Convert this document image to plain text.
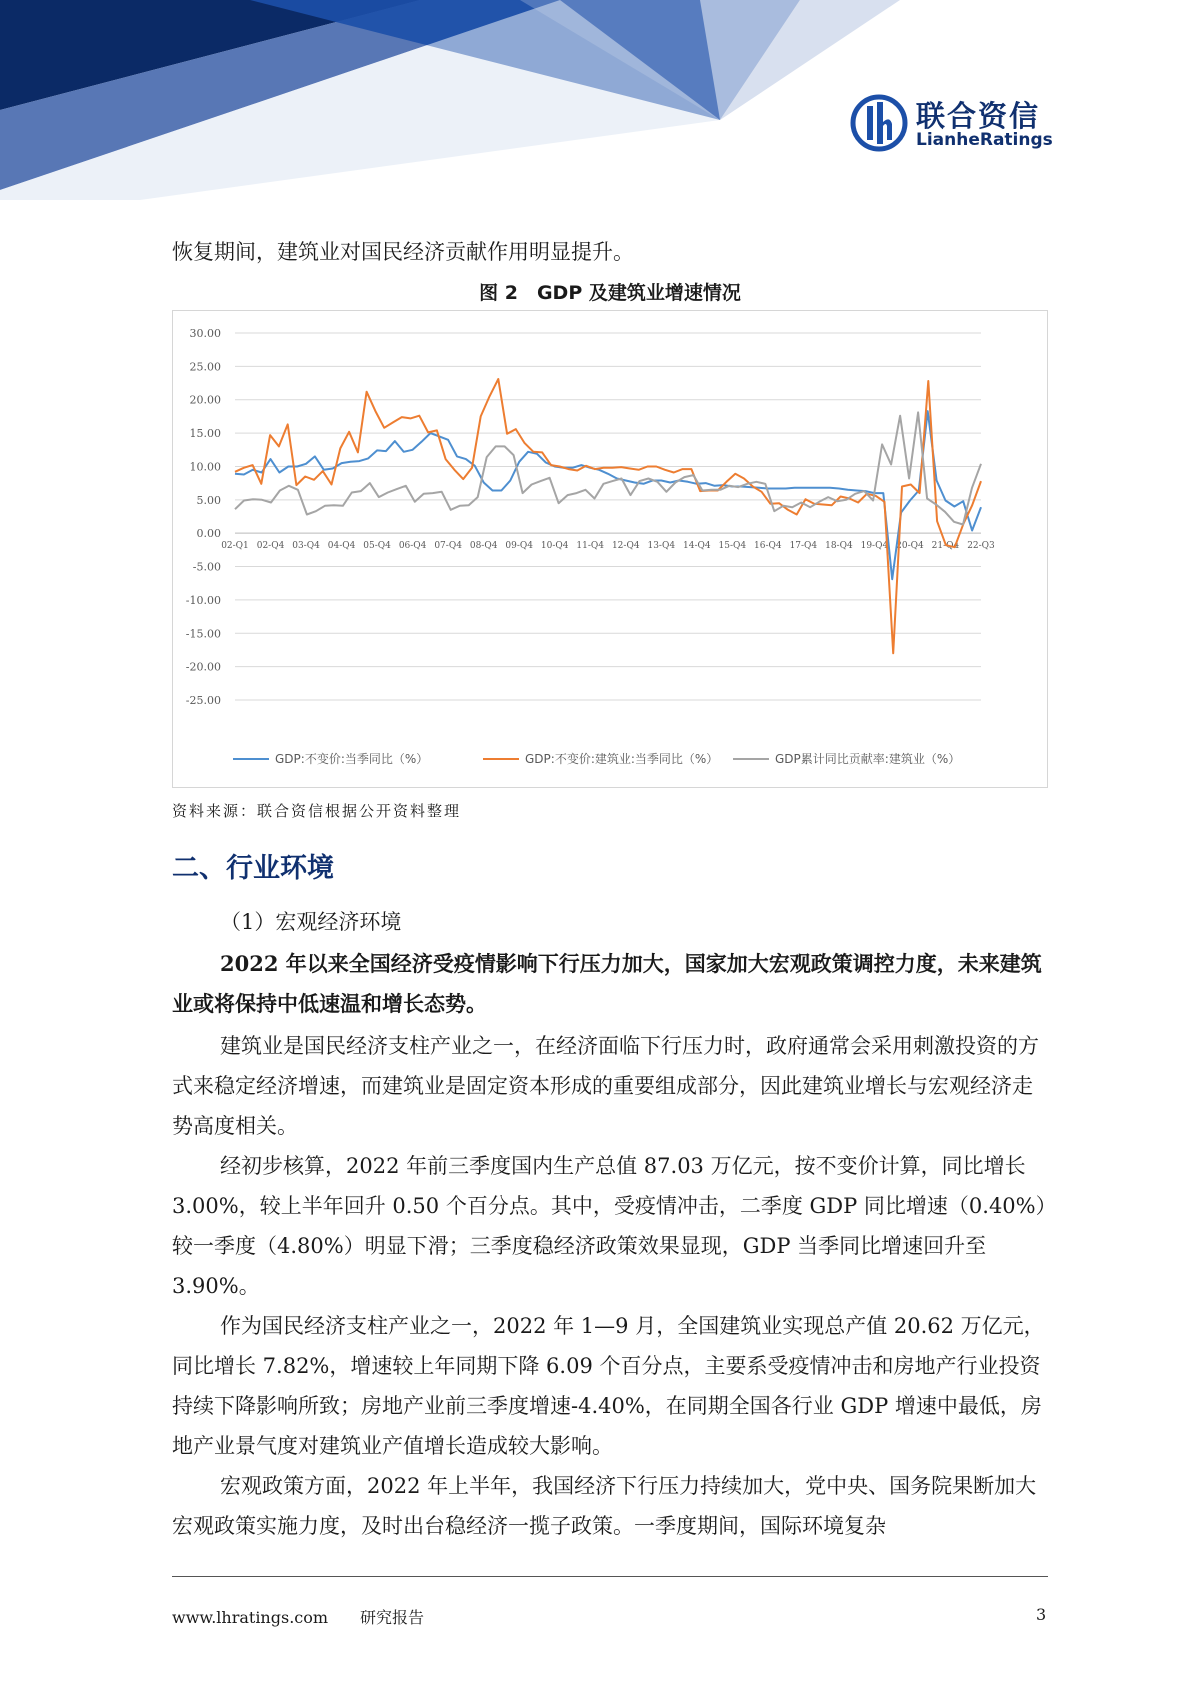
联合资信
LianheRatings

恢复期间，建筑业对国民经济贡献作用明显提升。

图 2　GDP 及建筑业增速情况
30.00
25.00
20.00
15.00
10.00
5.00
0.00
-5.00
-10.00
-15.00
-20.00
-25.00
02-Q1 02-Q4 03-Q4 04-Q4 05-Q4 06-Q4 07-Q4 08-Q4 09-Q4 10-Q4 11-Q4 12-Q4 13-Q4 14-Q4 15-Q4 16-Q4 17-Q4 18-Q4 19-Q4 20-Q4 21-Q4 22-Q3
GDP:不变价:当季同比（%）	GDP:不变价:建筑业:当季同比（%）	GDP累计同比贡献率:建筑业（%）
资料来源：联合资信根据公开资料整理
二、行业环境
（1）宏观经济环境

2022 年以来全国经济受疫情影响下行压力加大，国家加大宏观政策调控力度，未来建筑业或将保持中低速温和增长态势。

建筑业是国民经济支柱产业之一，在经济面临下行压力时，政府通常会采用刺激投资的方式来稳定经济增速，而建筑业是固定资本形成的重要组成部分，因此建筑业增长与宏观经济走势高度相关。

经初步核算，2022 年前三季度国内生产总值 87.03 万亿元，按不变价计算，同比增长 3.00%，较上半年回升 0.50 个百分点。其中，受疫情冲击，二季度 GDP 同比增速（0.40%）较一季度（4.80%）明显下滑；三季度稳经济政策效果显现，GDP 当季同比增速回升至 3.90%。

作为国民经济支柱产业之一，2022 年 1—9 月，全国建筑业实现总产值 20.62 万亿元，同比增长 7.82%，增速较上年同期下降 6.09 个百分点，主要系受疫情冲击和房地产行业投资持续下降影响所致；房地产业前三季度增速-4.40%，在同期全国各行业 GDP 增速中最低，房地产业景气度对建筑业产值增长造成较大影响。

宏观政策方面，2022 年上半年，我国经济下行压力持续加大，党中央、国务院果断加大宏观政策实施力度，及时出台稳经济一揽子政策。一季度期间，国际环境复杂

www.lhratings.com　　研究报告	3
